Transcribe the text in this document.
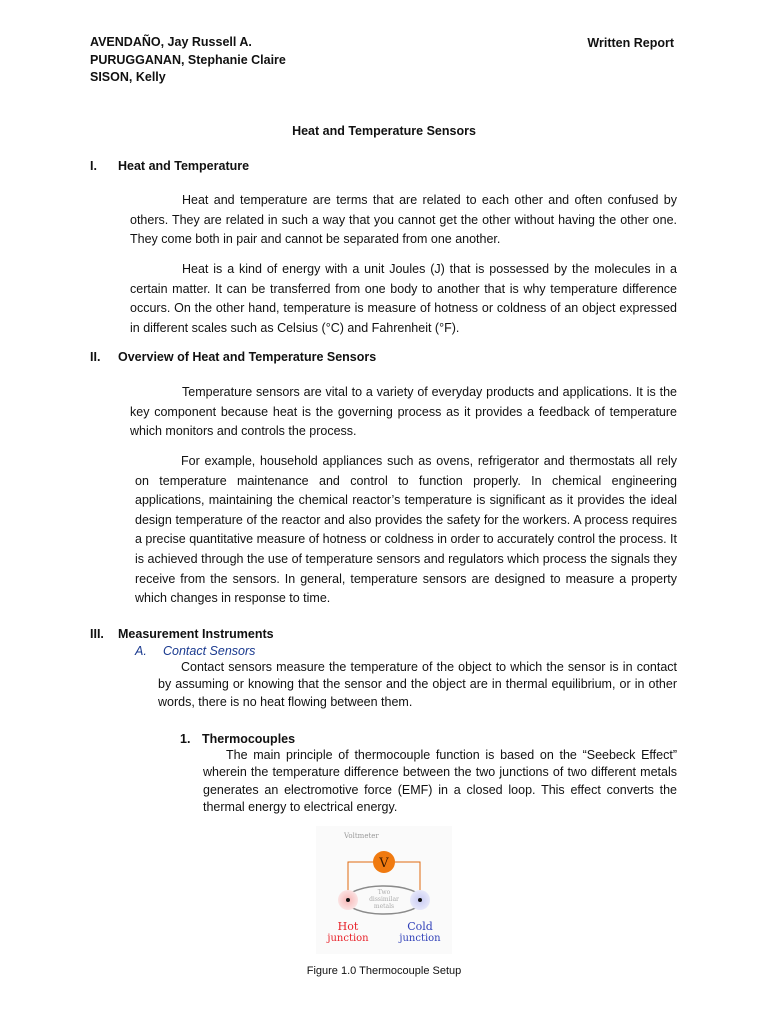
AVENDAÑO, Jay Russell A.
PURUGGANAN, Stephanie Claire
SISON, Kelly
Written Report
Heat and Temperature Sensors
I. Heat and Temperature
Heat and temperature are terms that are related to each other and often confused by others. They are related in such a way that you cannot get the other without having the other one. They come both in pair and cannot be separated from one another.
Heat is a kind of energy with a unit Joules (J) that is possessed by the molecules in a certain matter. It can be transferred from one body to another that is why temperature difference occurs. On the other hand, temperature is measure of hotness or coldness of an object expressed in different scales such as Celsius (°C) and Fahrenheit (°F).
II. Overview of Heat and Temperature Sensors
Temperature sensors are vital to a variety of everyday products and applications. It is the key component because heat is the governing process as it provides a feedback of temperature which monitors and controls the process.
For example, household appliances such as ovens, refrigerator and thermostats all rely on temperature maintenance and control to function properly. In chemical engineering applications, maintaining the chemical reactor’s temperature is significant as it provides the ideal design temperature of the reactor and also provides the safety for the workers. A process requires a precise quantitative measure of hotness or coldness in order to accurately control the process. It is achieved through the use of temperature sensors and regulators which process the signals they receive from the sensors. In general, temperature sensors are designed to measure a property which changes in response to time.
III. Measurement Instruments
A. Contact Sensors
Contact sensors measure the temperature of the object to which the sensor is in contact by assuming or knowing that the sensor and the object are in thermal equilibrium, or in other words, there is no heat flowing between them.
1. Thermocouples
The main principle of thermocouple function is based on the “Seebeck Effect” wherein the temperature difference between the two junctions of two different metals generates an electromotive force (EMF) in a closed loop. This effect converts the thermal energy to electrical energy.
Voltmeter
V
Two
dissimilar
metals
Hot
junction
Cold
junction
Figure 1.0 Thermocouple Setup
